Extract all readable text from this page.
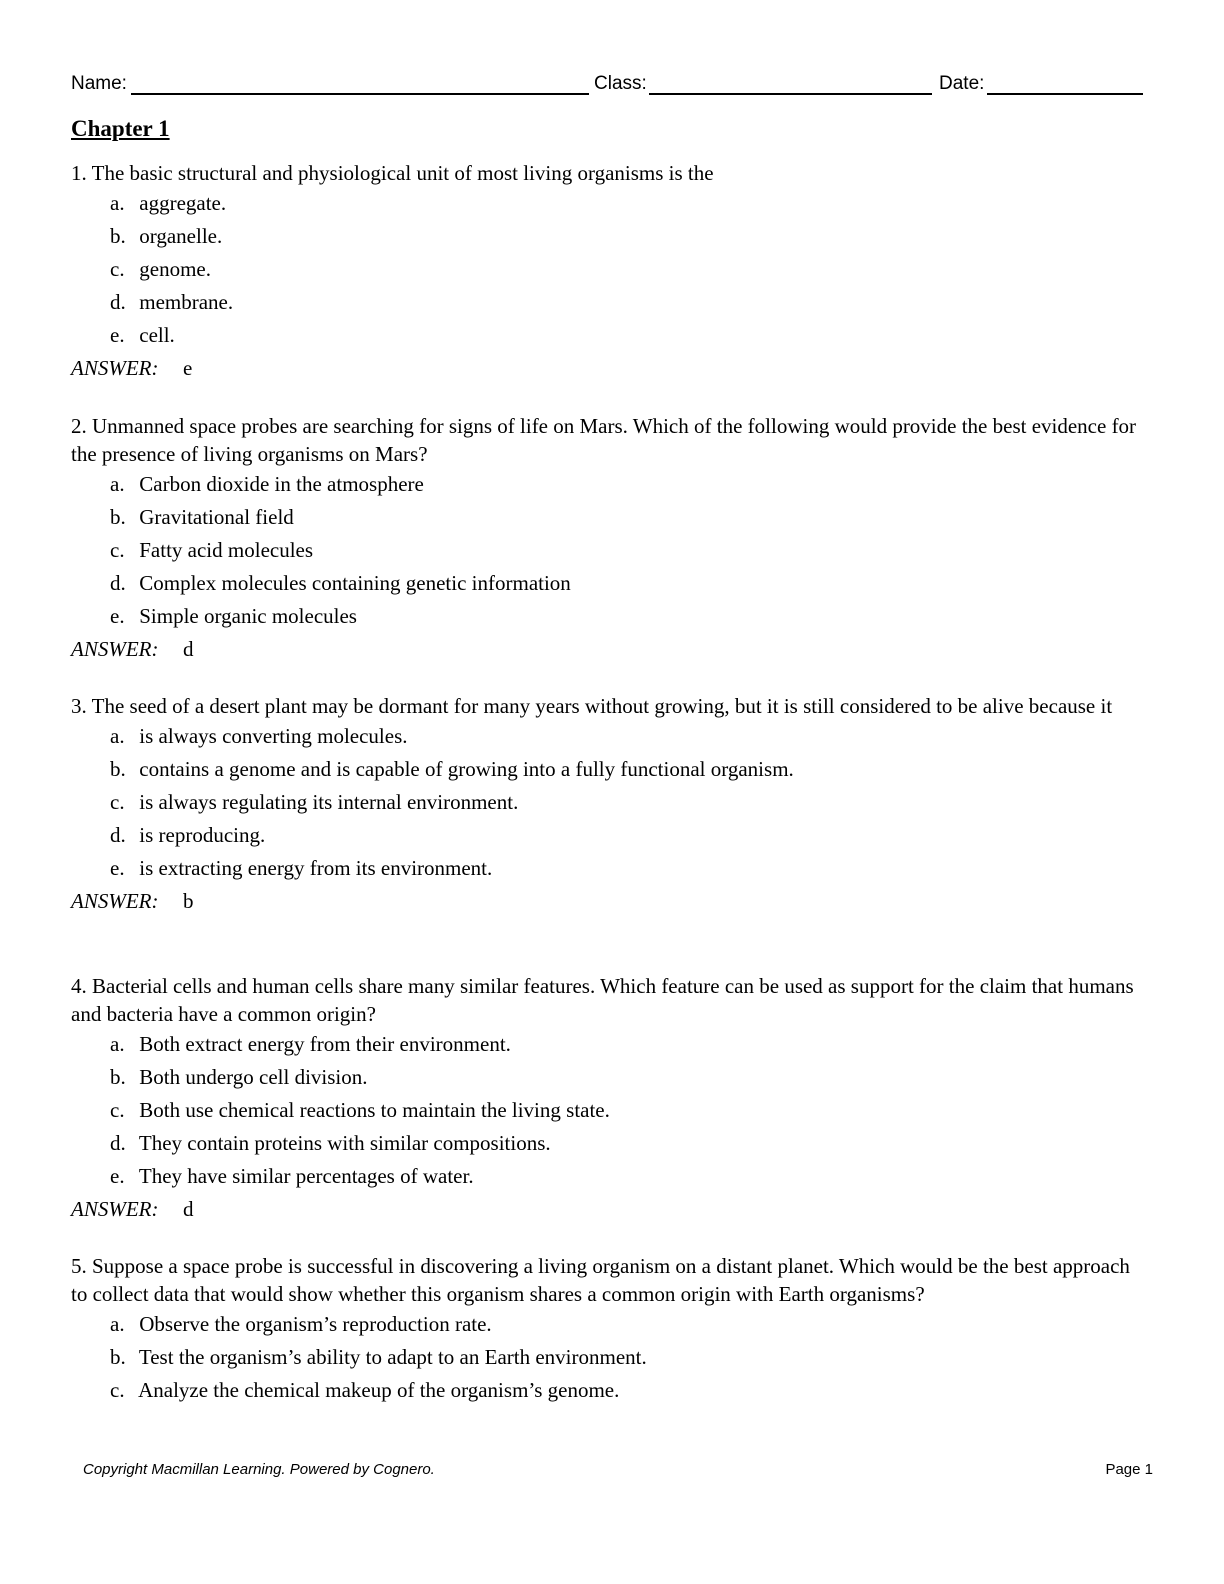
Name:	Class:	Date:
Chapter 1

1. The basic structural and physiological unit of most living organisms is the

a. aggregate.

b. organelle.

c. genome.

d. membrane.

e. cell.

ANSWER: e

2. Unmanned space probes are searching for signs of life on Mars. Which of the following would provide the best evidence for the presence of living organisms on Mars?

a. Carbon dioxide in the atmosphere

b. Gravitational field

c. Fatty acid molecules

d. Complex molecules containing genetic information

e. Simple organic molecules

ANSWER: d

3. The seed of a desert plant may be dormant for many years without growing, but it is still considered to be alive because it

a. is always converting molecules.

b. contains a genome and is capable of growing into a fully functional organism.

c. is always regulating its internal environment.

d. is reproducing.

e. is extracting energy from its environment.

ANSWER: b

4. Bacterial cells and human cells share many similar features. Which feature can be used as support for the claim that humans and bacteria have a common origin?

a. Both extract energy from their environment.

b. Both undergo cell division.

c. Both use chemical reactions to maintain the living state.

d. They contain proteins with similar compositions.

e. They have similar percentages of water.

ANSWER: d

5. Suppose a space probe is successful in discovering a living organism on a distant planet. Which would be the best approach to collect data that would show whether this organism shares a common origin with Earth organisms?

a. Observe the organism’s reproduction rate.

b. Test the organism’s ability to adapt to an Earth environment.

c. Analyze the chemical makeup of the organism’s genome.

Copyright Macmillan Learning. Powered by Cognero.	Page 1
